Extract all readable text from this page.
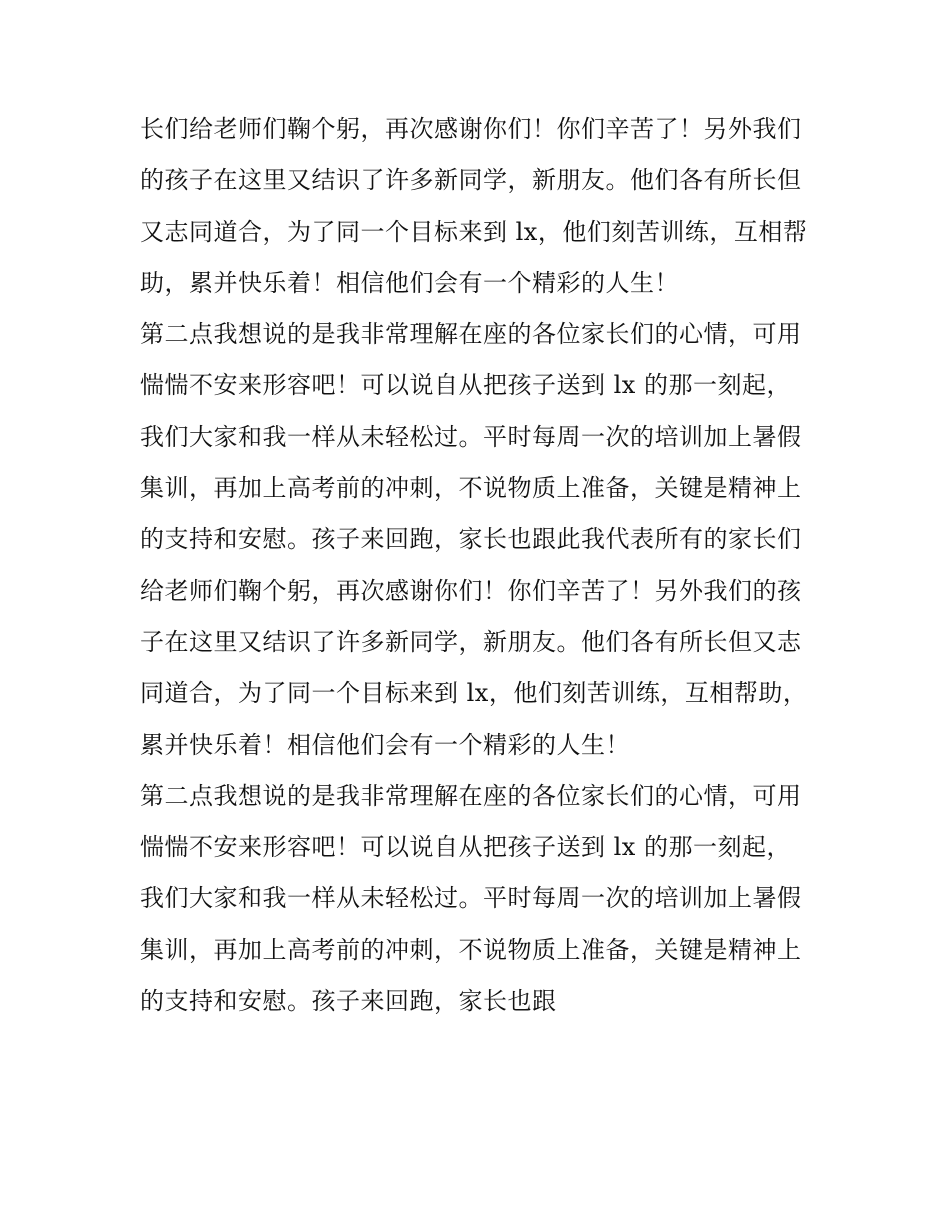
长们给老师们鞠个躬，再次感谢你们！你们辛苦了！另外我们
的孩子在这里又结识了许多新同学，新朋友。他们各有所长但
又志同道合，为了同一个目标来到 lx，他们刻苦训练，互相帮
助，累并快乐着！相信他们会有一个精彩的人生！
第二点我想说的是我非常理解在座的各位家长们的心情，可用
惴惴不安来形容吧！可以说自从把孩子送到 lx 的那一刻起，
我们大家和我一样从未轻松过。平时每周一次的培训加上暑假
集训，再加上高考前的冲刺，不说物质上准备，关键是精神上
的支持和安慰。孩子来回跑，家长也跟此我代表所有的家长们
给老师们鞠个躬，再次感谢你们！你们辛苦了！另外我们的孩
子在这里又结识了许多新同学，新朋友。他们各有所长但又志
同道合，为了同一个目标来到 lx，他们刻苦训练，互相帮助，
累并快乐着！相信他们会有一个精彩的人生！
第二点我想说的是我非常理解在座的各位家长们的心情，可用
惴惴不安来形容吧！可以说自从把孩子送到 lx 的那一刻起，
我们大家和我一样从未轻松过。平时每周一次的培训加上暑假
集训，再加上高考前的冲刺，不说物质上准备，关键是精神上
的支持和安慰。孩子来回跑，家长也跟
